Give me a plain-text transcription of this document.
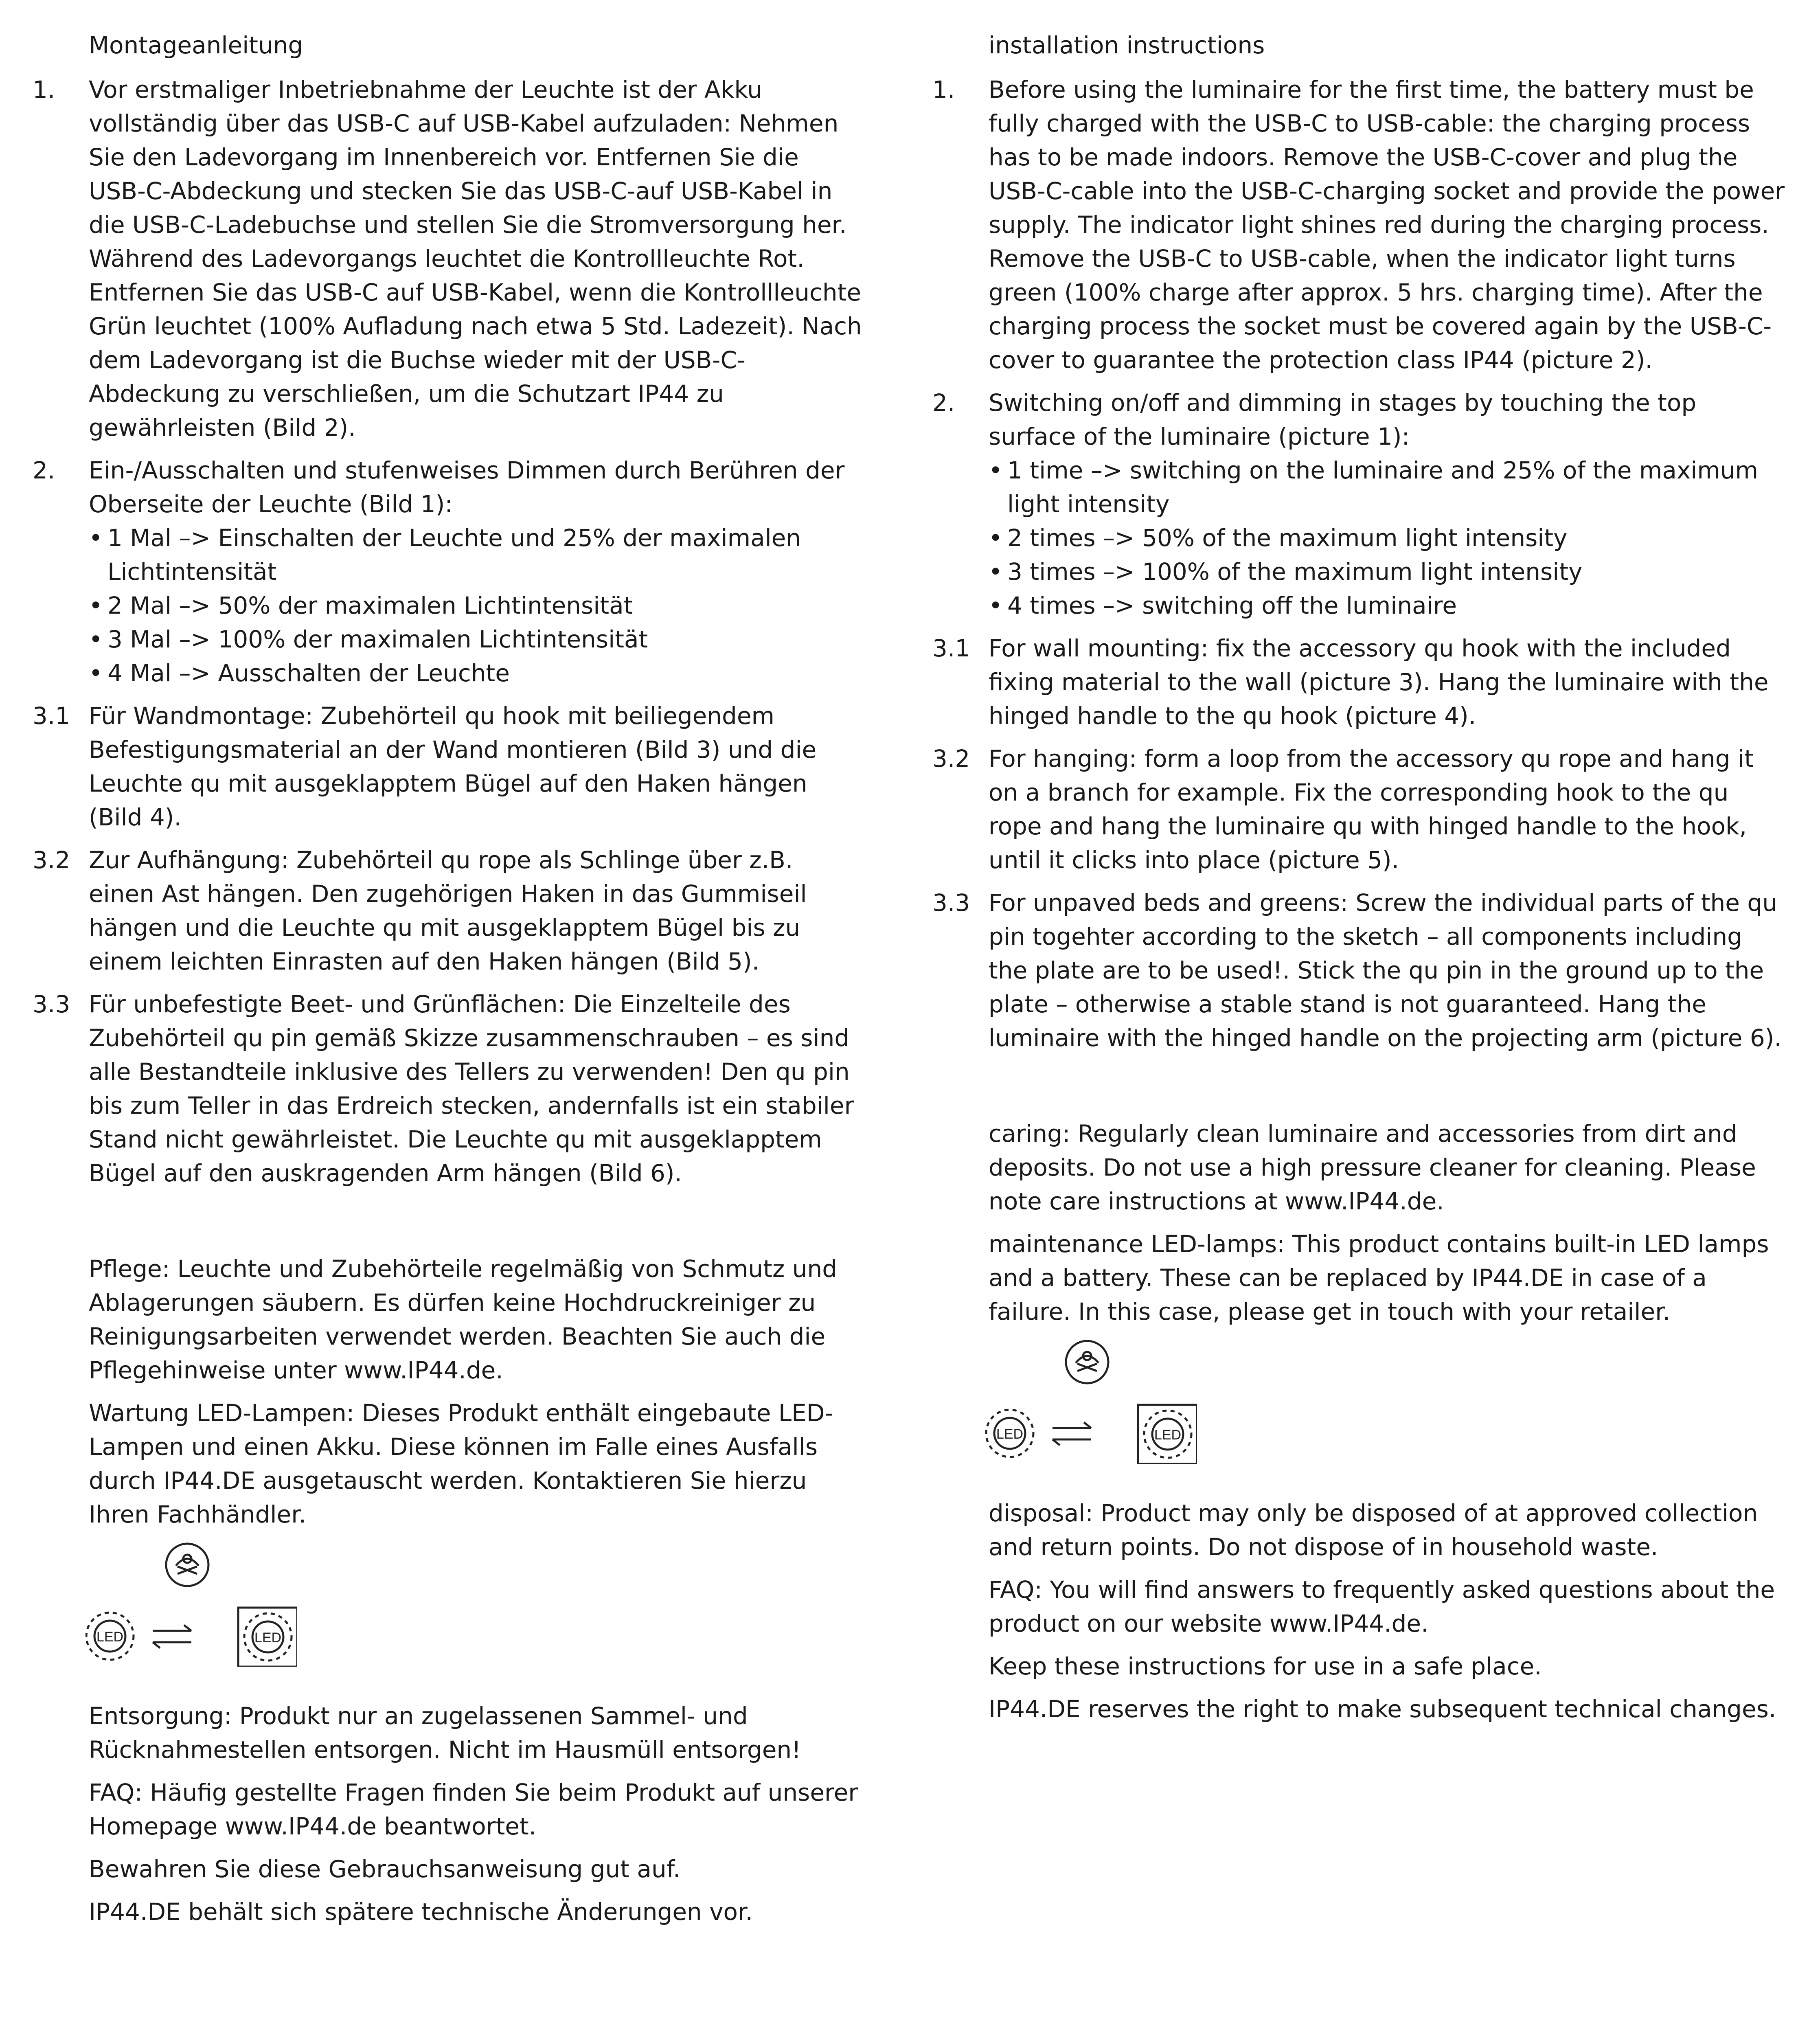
Montageanleitung
1.	Vor erstmaliger Inbetriebnahme der Leuchte ist der Akku vollständig über das USB-C auf USB-Kabel aufzuladen: Nehmen Sie den Ladevorgang im Innenbereich vor. Entfernen Sie die USB-C-Abdeckung und stecken Sie das USB-C-auf USB-Kabel in die USB-C-Ladebuchse und stellen Sie die Stromversorgung her. Während des Ladevorgangs leuchtet die Kontrollleuchte Rot. Entfernen Sie das USB-C auf USB-Kabel, wenn die Kontrollleuchte Grün leuchtet (100% Aufladung nach etwa 5 Std. Ladezeit). Nach dem Ladevorgang ist die Buchse wieder mit der USB-C-Abdeckung zu verschließen, um die Schutzart IP44 zu gewährleisten (Bild 2).
2.	Ein-/Ausschalten und stufenweises Dimmen durch Berühren der Oberseite der Leuchte (Bild 1):
• 1 Mal –> Einschalten der Leuchte und 25% der maximalen Lichtintensität
• 2 Mal –> 50% der maximalen Lichtintensität
• 3 Mal –> 100% der maximalen Lichtintensität
• 4 Mal –> Ausschalten der Leuchte
3.1 Für Wandmontage: Zubehörteil qu hook mit beiliegendem Befestigungsmaterial an der Wand montieren (Bild 3) und die Leuchte qu mit ausgeklapptem Bügel auf den Haken hängen (Bild 4).
3.2 Zur Aufhängung: Zubehörteil qu rope als Schlinge über z.B. einen Ast hängen. Den zugehörigen Haken in das Gummiseil hängen und die Leuchte qu mit ausgeklapptem Bügel bis zu einem leichten Einrasten auf den Haken hängen (Bild 5).
3.3 Für unbefestigte Beet- und Grünflächen: Die Einzelteile des Zubehörteil qu pin gemäß Skizze zusammenschrauben – es sind alle Bestandteile inklusive des Tellers zu verwenden! Den qu pin bis zum Teller in das Erdreich stecken, andernfalls ist ein stabiler Stand nicht gewährleistet. Die Leuchte qu mit ausgeklapptem Bügel auf den auskragenden Arm hängen (Bild 6).
Pflege: Leuchte und Zubehörteile regelmäßig von Schmutz und Ablagerungen säubern. Es dürfen keine Hochdruckreiniger zu Reinigungsarbeiten verwendet werden. Beachten Sie auch die Pflegehinweise unter www.IP44.de.
Wartung LED-Lampen: Dieses Produkt enthält eingebaute LED-Lampen und einen Akku. Diese können im Falle eines Ausfalls durch IP44.DE ausgetauscht werden. Kontaktieren Sie hierzu Ihren Fachhändler.
LED	LED
Entsorgung: Produkt nur an zugelassenen Sammel- und Rücknahmestellen entsorgen. Nicht im Hausmüll entsorgen!
FAQ: Häufig gestellte Fragen finden Sie beim Produkt auf unserer Homepage www.IP44.de beantwortet.
Bewahren Sie diese Gebrauchsanweisung gut auf.
IP44.DE behält sich spätere technische Änderungen vor.
installation instructions
1.	Before using the luminaire for the first time, the battery must be fully charged with the USB-C to USB-cable: the charging process has to be made indoors. Remove the USB-C-cover and plug the USB-C-cable into the USB-C-charging socket and provide the power supply. The indicator light shines red during the charging process. Remove the USB-C to USB-cable, when the indicator light turns green (100% charge after approx. 5 hrs. charging time). After the charging process the socket must be covered again by the USB-C-cover to guarantee the protection class IP44 (picture 2).
2.	Switching on/off and dimming in stages by touching the top surface of the luminaire (picture 1):
• 1 time –> switching on the luminaire and 25% of the maximum light intensity
• 2 times –> 50% of the maximum light intensity
• 3 times –> 100% of the maximum light intensity
• 4 times –> switching off the luminaire
3.1 For wall mounting: fix the accessory qu hook with the included fixing material to the wall (picture 3). Hang the luminaire with the hinged handle to the qu hook (picture 4).
3.2 For hanging: form a loop from the accessory qu rope and hang it on a branch for example. Fix the corresponding hook to the qu rope and hang the luminaire qu with hinged handle to the hook, until it clicks into place (picture 5).
3.3 For unpaved beds and greens: Screw the individual parts of the qu pin togehter according to the sketch – all components including the plate are to be used!. Stick the qu pin in the ground up to the plate – otherwise a stable stand is not guaranteed. Hang the luminaire with the hinged handle on the projecting arm (picture 6).
caring: Regularly clean luminaire and accessories from dirt and deposits. Do not use a high pressure cleaner for cleaning. Please note care instructions at www.IP44.de.
maintenance LED-lamps: This product contains built-in LED lamps and a battery. These can be replaced by IP44.DE in case of a failure. In this case, please get in touch with your retailer.
LED	LED
disposal: Product may only be disposed of at approved collection and return points. Do not dispose of in household waste.
FAQ: You will find answers to frequently asked questions about the product on our website www.IP44.de.
Keep these instructions for use in a safe place.
IP44.DE reserves the right to make subsequent technical changes.
